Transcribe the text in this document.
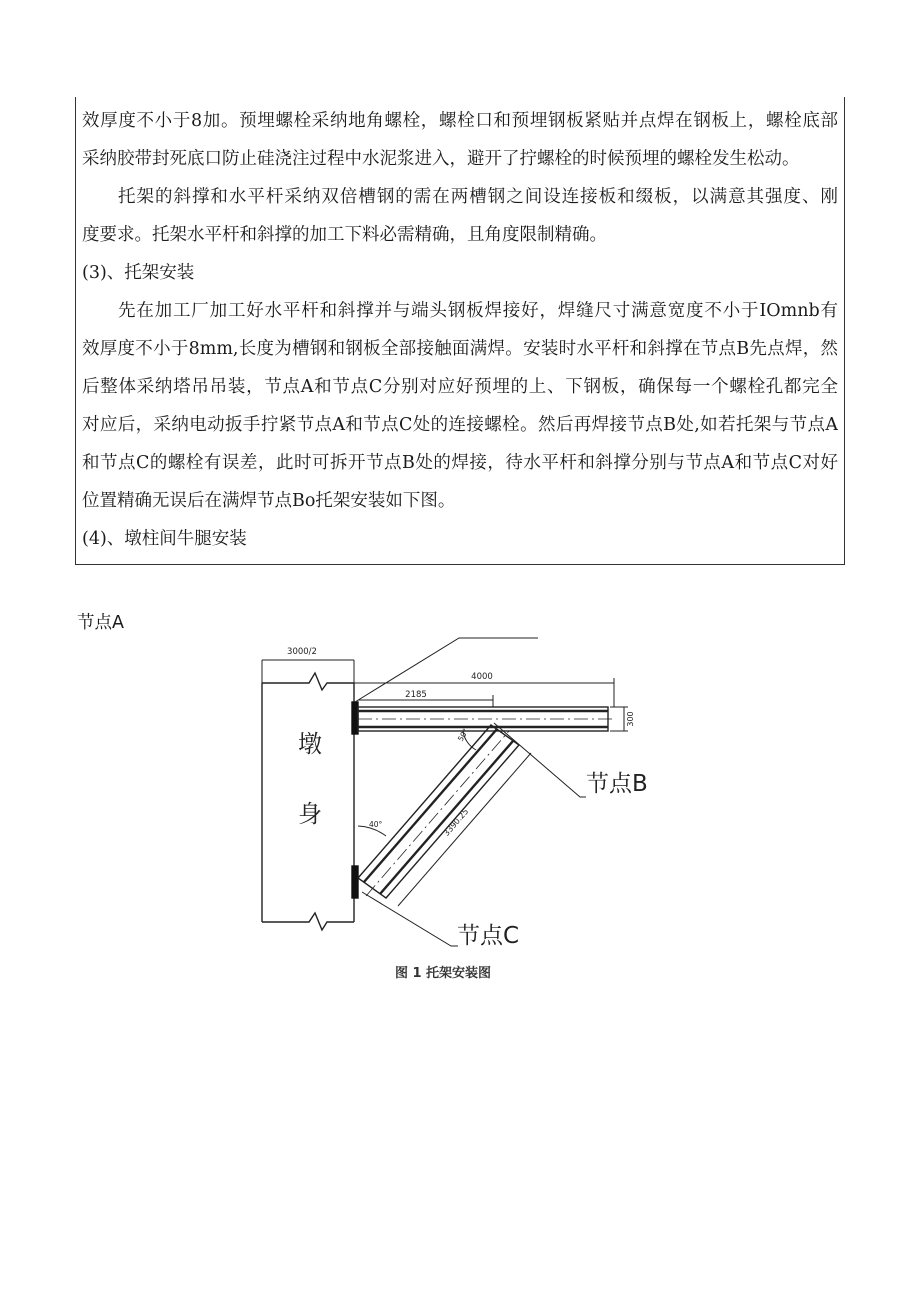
效厚度不小于8加。预埋螺栓采纳地角螺栓，螺栓口和预埋钢板紧贴并点焊在钢板上，螺栓底部
采纳胶带封死底口防止硅浇注过程中水泥浆进入，避开了拧螺栓的时候预埋的螺栓发生松动。
托架的斜撑和水平杆采纳双倍槽钢的需在两槽钢之间设连接板和缀板，以满意其强度、刚
度要求。托架水平杆和斜撑的加工下料必需精确，且角度限制精确。
(3)、托架安装
先在加工厂加工好水平杆和斜撑并与端头钢板焊接好，焊缝尺寸满意宽度不小于IOmnb有
效厚度不小于8mm,长度为槽钢和钢板全部接触面满焊。安装时水平杆和斜撑在节点B先点焊，然
后整体采纳塔吊吊装，节点A和节点C分别对应好预埋的上、下钢板，确保每一个螺栓孔都完全
对应后，采纳电动扳手拧紧节点A和节点C处的连接螺栓。然后再焊接节点B处,如若托架与节点A
和节点C的螺栓有误差，此时可拆开节点B处的焊接，待水平杆和斜撑分别与节点A和节点C对好
位置精确无误后在满焊节点Bo托架安装如下图。
(4)、墩柱间牛腿安装
节点A
3000/2
4000
2185
300
3390.25
50°
40°
墩
身
节点B
节点C
图 1 托架安装图
